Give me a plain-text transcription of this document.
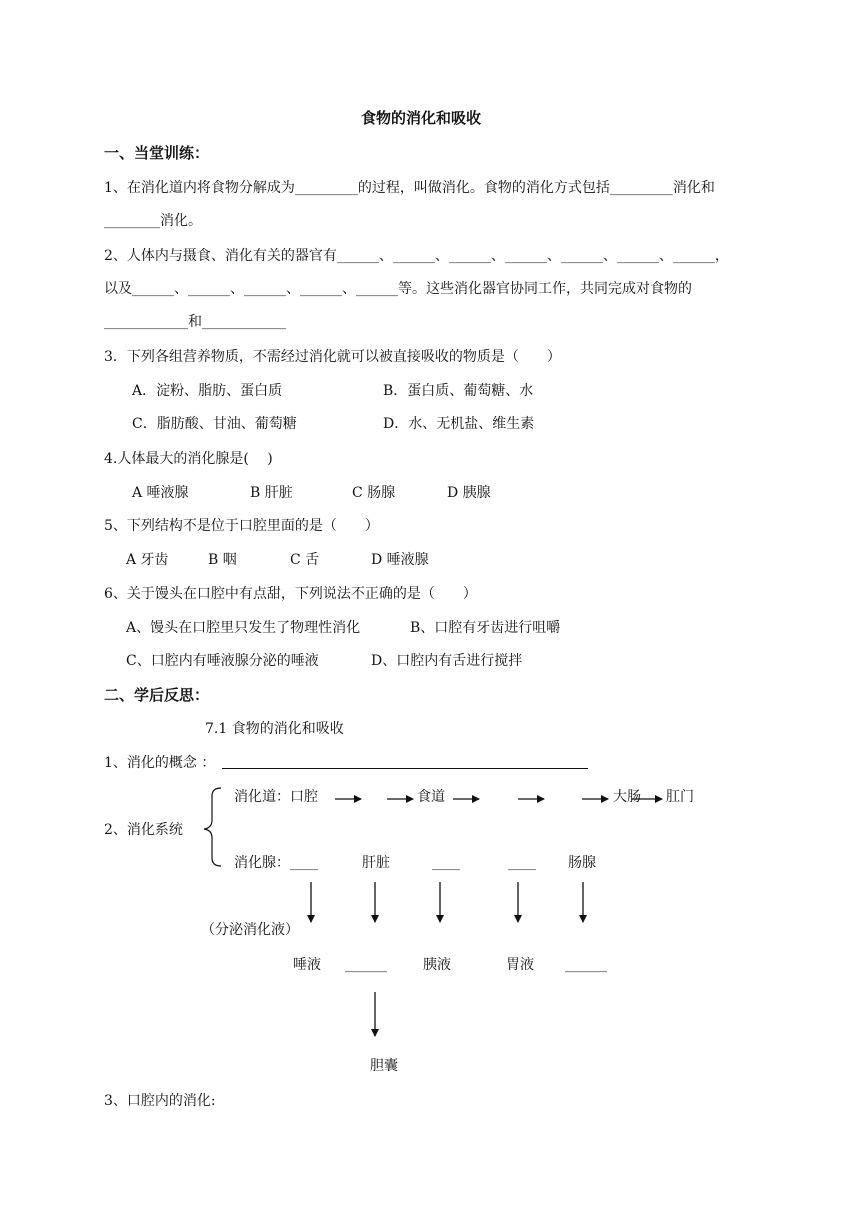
食物的消化和吸收
一、当堂训练：
1、在消化道内将食物分解成为_________的过程，叫做消化。食物的消化方式包括_________消化和
________消化。
2、人体内与摄食、消化有关的器官有______、______、______、______、______、______、______，
以及______、______、______、______、______等。这些消化器官协同工作，共同完成对食物的
____________和____________
3．下列各组营养物质，不需经过消化就可以被直接吸收的物质是（　　）
A．淀粉、脂肪、蛋白质	B．蛋白质、葡萄糖、水
C．脂肪酸、甘油、葡萄糖	D．水、无机盐、维生素
4.人体最大的消化腺是(　 )
A 唾液腺	B 肝脏	C 肠腺	D 胰腺
5、下列结构不是位于口腔里面的是（　　）
A 牙齿	B 咽	C 舌	D 唾液腺
6、关于馒头在口腔中有点甜，下列说法不正确的是（　　）
A、馒头在口腔里只发生了物理性消化	B、口腔有牙齿进行咀嚼
C、口腔内有唾液腺分泌的唾液	D、口腔内有舌进行搅拌
二、学后反思：
7.1 食物的消化和吸收
1、消化的概念 ：
2、消化系统
消化道：口腔	食道	大肠 肛门
消化腺：____	肝脏	____	____ 肠腺
（分泌消化液）
唾液 ______	胰液	胃液 ______
胆囊
3、口腔内的消化:
